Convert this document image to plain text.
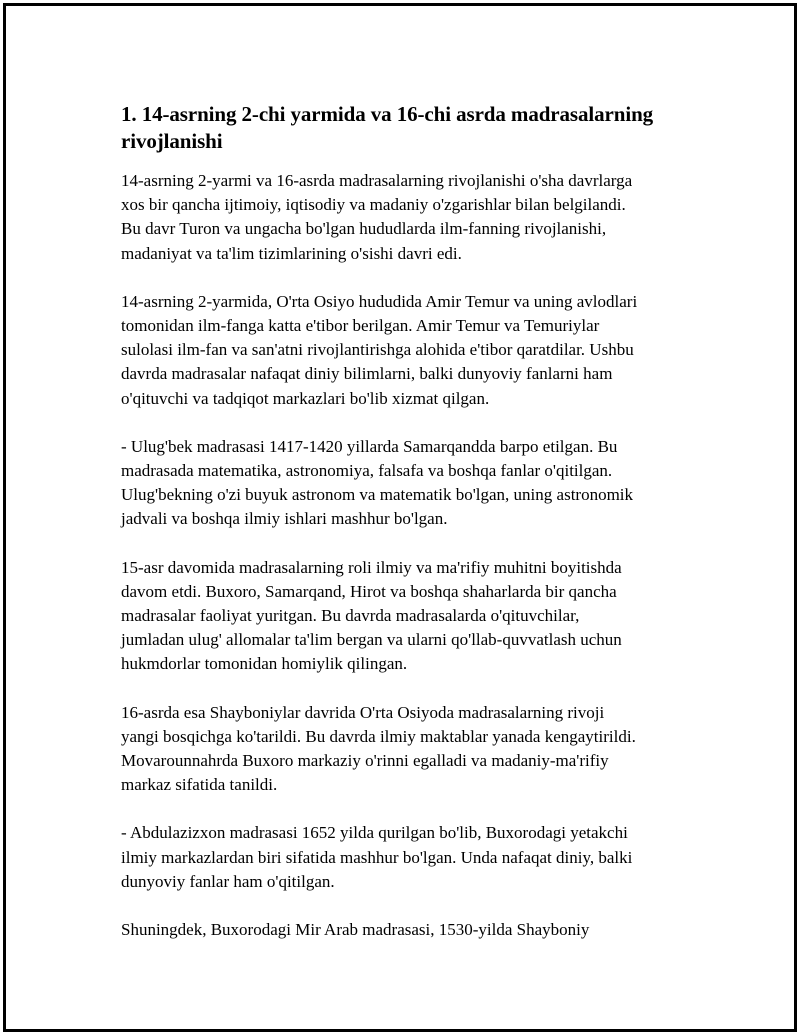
1. 14-asrning 2-chi yarmida va 16-chi asrda madrasalarning
rivojlanishi

14-asrning 2-yarmi va 16-asrda madrasalarning rivojlanishi o'sha davrlarga
xos bir qancha ijtimoiy, iqtisodiy va madaniy o'zgarishlar bilan belgilandi.
Bu davr Turon va ungacha bo'lgan hududlarda ilm-fanning rivojlanishi,
madaniyat va ta'lim tizimlarining o'sishi davri edi.

14-asrning 2-yarmida, O'rta Osiyo hududida Amir Temur va uning avlodlari
tomonidan ilm-fanga katta e'tibor berilgan. Amir Temur va Temuriylar
sulolasi ilm-fan va san'atni rivojlantirishga alohida e'tibor qaratdilar. Ushbu
davrda madrasalar nafaqat diniy bilimlarni, balki dunyoviy fanlarni ham
o'qituvchi va tadqiqot markazlari bo'lib xizmat qilgan.

- Ulug'bek madrasasi 1417-1420 yillarda Samarqandda barpo etilgan. Bu
madrasada matematika, astronomiya, falsafa va boshqa fanlar o'qitilgan.
Ulug'bekning o'zi buyuk astronom va matematik bo'lgan, uning astronomik
jadvali va boshqa ilmiy ishlari mashhur bo'lgan.

15-asr davomida madrasalarning roli ilmiy va ma'rifiy muhitni boyitishda
davom etdi. Buxoro, Samarqand, Hirot va boshqa shaharlarda bir qancha
madrasalar faoliyat yuritgan. Bu davrda madrasalarda o'qituvchilar,
jumladan ulug' allomalar ta'lim bergan va ularni qo'llab-quvvatlash uchun
hukmdorlar tomonidan homiylik qilingan.

16-asrda esa Shayboniylar davrida O'rta Osiyoda madrasalarning rivoji
yangi bosqichga ko'tarildi. Bu davrda ilmiy maktablar yanada kengaytirildi.
Movarounnahrda Buxoro markaziy o'rinni egalladi va madaniy-ma'rifiy
markaz sifatida tanildi.

- Abdulazizxon madrasasi 1652 yilda qurilgan bo'lib, Buxorodagi yetakchi
ilmiy markazlardan biri sifatida mashhur bo'lgan. Unda nafaqat diniy, balki
dunyoviy fanlar ham o'qitilgan.

Shuningdek, Buxorodagi Mir Arab madrasasi, 1530-yilda Shayboniy
